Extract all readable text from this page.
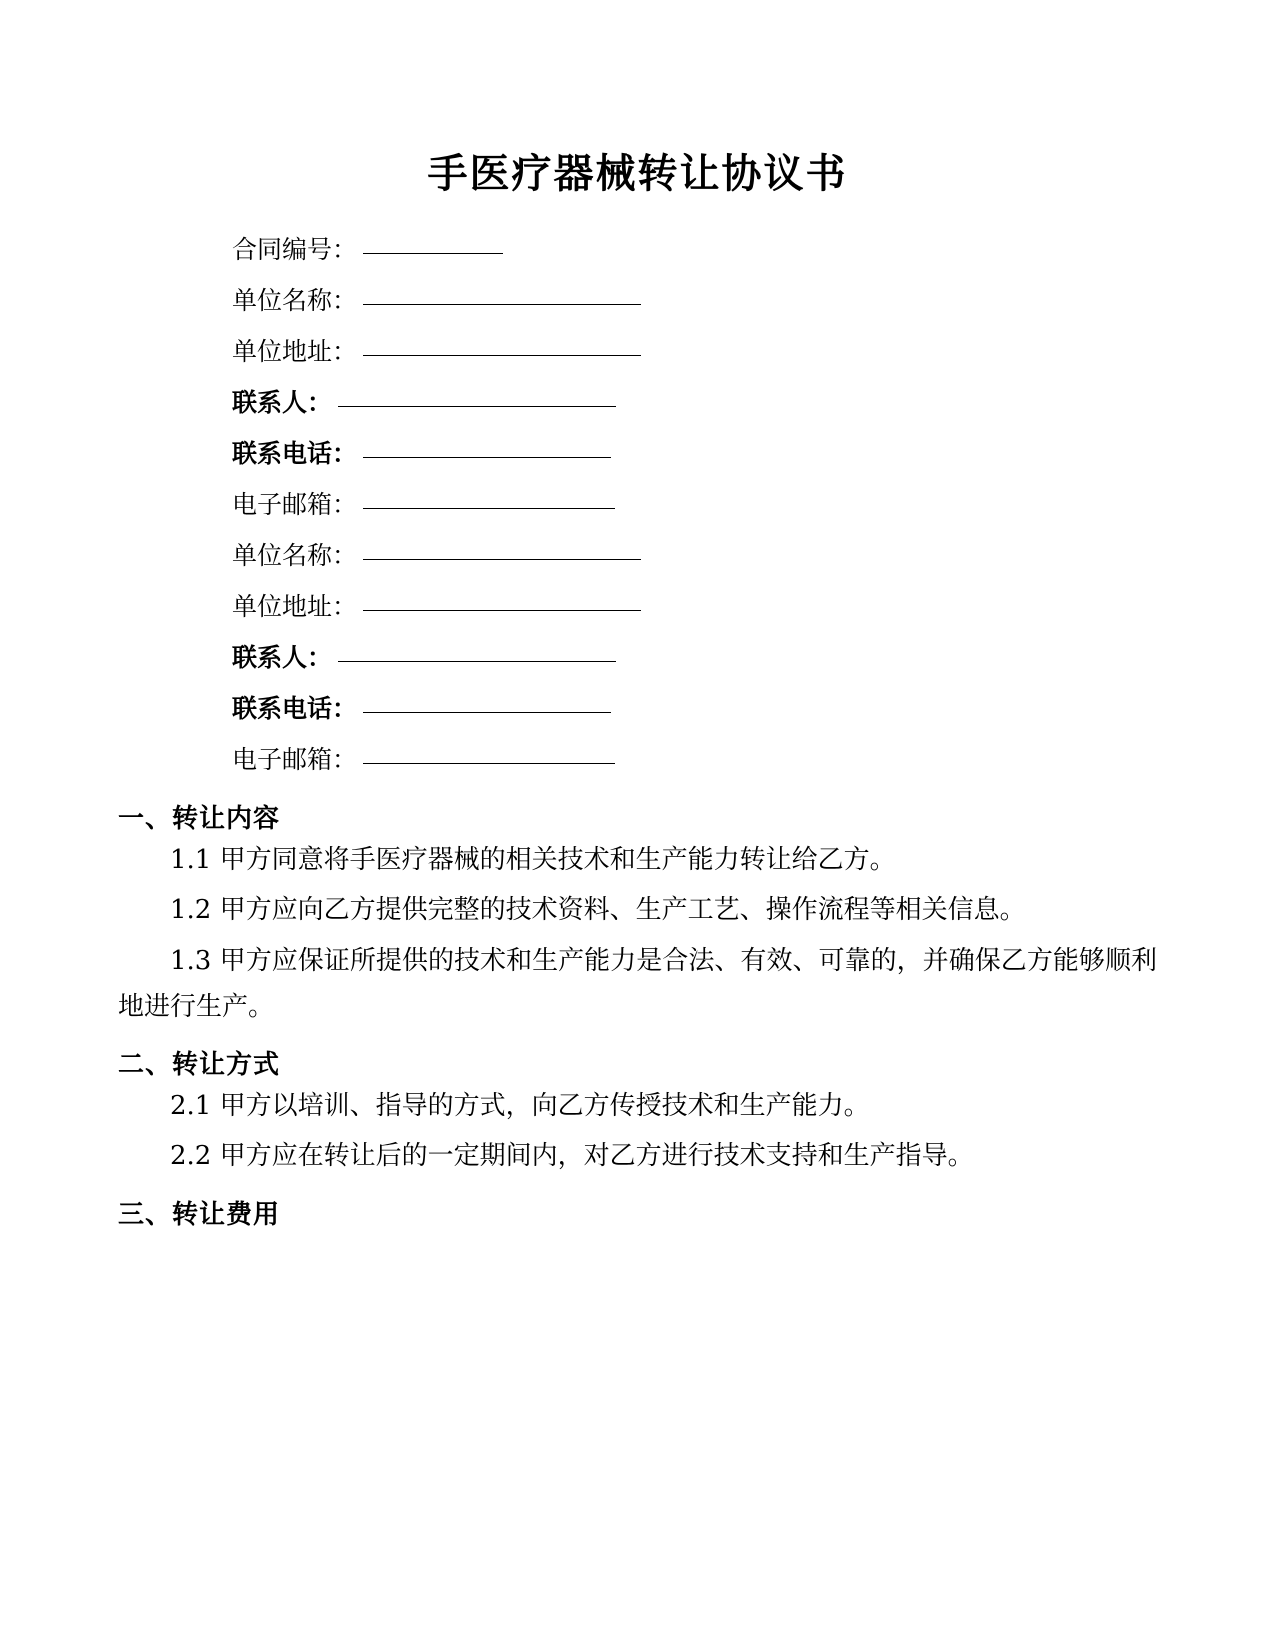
手医疗器械转让协议书
合同编号：
单位名称：
单位地址：
联系人：
联系电话：
电子邮箱：
单位名称：
单位地址：
联系人：
联系电话：
电子邮箱：
一、转让内容

1.1 甲方同意将手医疗器械的相关技术和生产能力转让给乙方。

1.2 甲方应向乙方提供完整的技术资料、生产工艺、操作流程等相关信息。

1.3 甲方应保证所提供的技术和生产能力是合法、有效、可靠的，并确保乙方能够顺利地进行生产。

二、转让方式

2.1 甲方以培训、指导的方式，向乙方传授技术和生产能力。

2.2 甲方应在转让后的一定期间内，对乙方进行技术支持和生产指导。

三、转让费用
